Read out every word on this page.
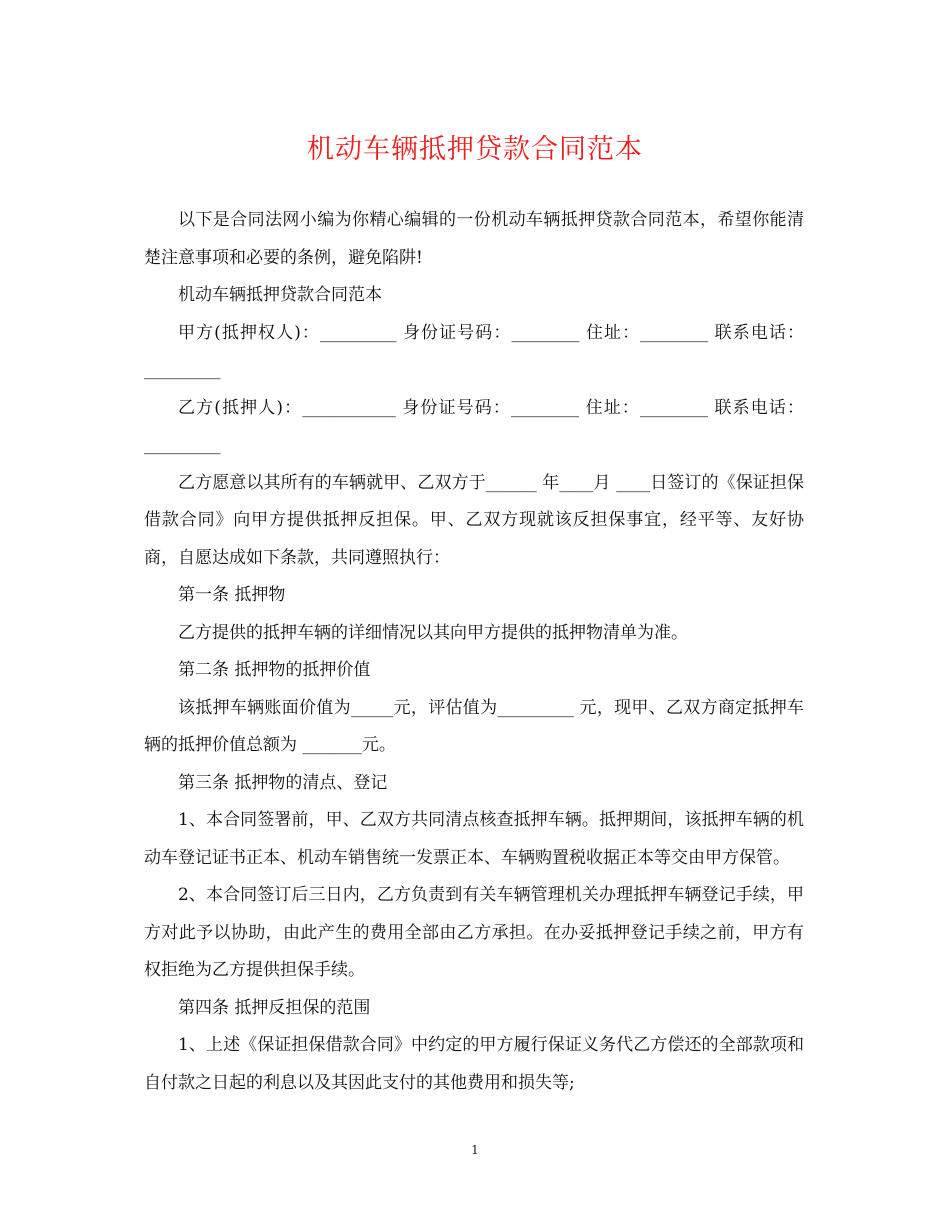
机动车辆抵押贷款合同范本

以下是合同法网小编为你精心编辑的一份机动车辆抵押贷款合同范本，希望你能清楚注意事项和必要的条例，避免陷阱!

机动车辆抵押贷款合同范本

甲方(抵押权人)：_________ 身份证号码：________ 住址：________ 联系电话：_________

乙方(抵押人)：___________ 身份证号码：________ 住址：________ 联系电话：_________

乙方愿意以其所有的车辆就甲、乙双方于______ 年____月 ____日签订的《保证担保借款合同》向甲方提供抵押反担保。甲、乙双方现就该反担保事宜，经平等、友好协商，自愿达成如下条款，共同遵照执行：

第一条 抵押物

乙方提供的抵押车辆的详细情况以其向甲方提供的抵押物清单为准。

第二条 抵押物的抵押价值

该抵押车辆账面价值为_____元，评估值为_________ 元，现甲、乙双方商定抵押车辆的抵押价值总额为 _______元。

第三条 抵押物的清点、登记

1、本合同签署前，甲、乙双方共同清点核查抵押车辆。抵押期间，该抵押车辆的机动车登记证书正本、机动车销售统一发票正本、车辆购置税收据正本等交由甲方保管。

2、本合同签订后三日内，乙方负责到有关车辆管理机关办理抵押车辆登记手续，甲方对此予以协助，由此产生的费用全部由乙方承担。在办妥抵押登记手续之前，甲方有权拒绝为乙方提供担保手续。

第四条 抵押反担保的范围

1、上述《保证担保借款合同》中约定的甲方履行保证义务代乙方偿还的全部款项和自付款之日起的利息以及其因此支付的其他费用和损失等;

1
